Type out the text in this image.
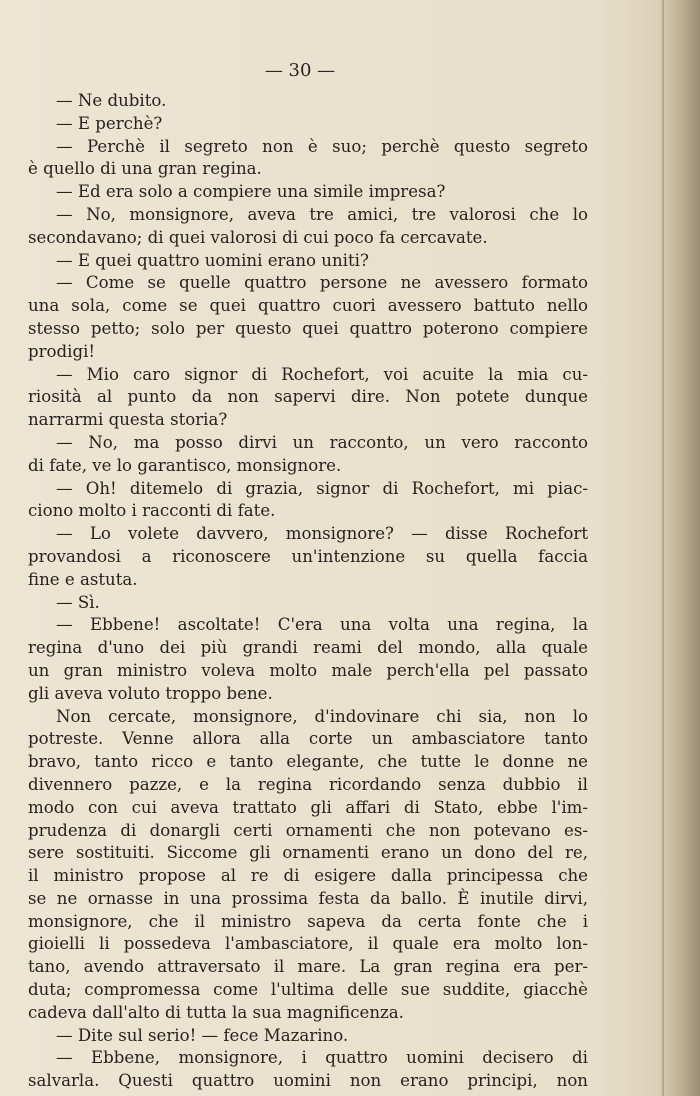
— 30 —
— Ne dubito.
— E perchè?
— Perchè il segreto non è suo; perchè questo segreto
è quello di una gran regina.
— Ed era solo a compiere una simile impresa?
— No, monsignore, aveva tre amici, tre valorosi che lo
secondavano; di quei valorosi di cui poco fa cercavate.
— E quei quattro uomini erano uniti?
— Come se quelle quattro persone ne avessero formato
una sola, come se quei quattro cuori avessero battuto nello
stesso petto; solo per questo quei quattro poterono compiere
prodigi!
— Mio caro signor di Rochefort, voi acuite la mia cu-
riosità al punto da non sapervi dire. Non potete dunque
narrarmi questa storia?
— No, ma posso dirvi un racconto, un vero racconto
di fate, ve lo garantisco, monsignore.
— Oh! ditemelo di grazia, signor di Rochefort, mi piac-
ciono molto i racconti di fate.
— Lo volete davvero, monsignore? — disse Rochefort
provandosi a riconoscere un'intenzione su quella faccia
fine e astuta.
— Sì.
— Ebbene! ascoltate! C'era una volta una regina, la
regina d'uno dei più grandi reami del mondo, alla quale
un gran ministro voleva molto male perch'ella pel passato
gli aveva voluto troppo bene.
Non cercate, monsignore, d'indovinare chi sia, non lo
potreste. Venne allora alla corte un ambasciatore tanto
bravo, tanto ricco e tanto elegante, che tutte le donne ne
divennero pazze, e la regina ricordando senza dubbio il
modo con cui aveva trattato gli affari di Stato, ebbe l'im-
prudenza di donargli certi ornamenti che non potevano es-
sere sostituiti. Siccome gli ornamenti erano un dono del re,
il ministro propose al re di esigere dalla principessa che
se ne ornasse in una prossima festa da ballo. È inutile dirvi,
monsignore, che il ministro sapeva da certa fonte che i
gioielli li possedeva l'ambasciatore, il quale era molto lon-
tano, avendo attraversato il mare. La gran regina era per-
duta; compromessa come l'ultima delle sue suddite, giacchè
cadeva dall'alto di tutta la sua magnificenza.
— Dite sul serio! — fece Mazarino.
— Ebbene, monsignore, i quattro uomini decisero di
salvarla. Questi quattro uomini non erano principi, non
